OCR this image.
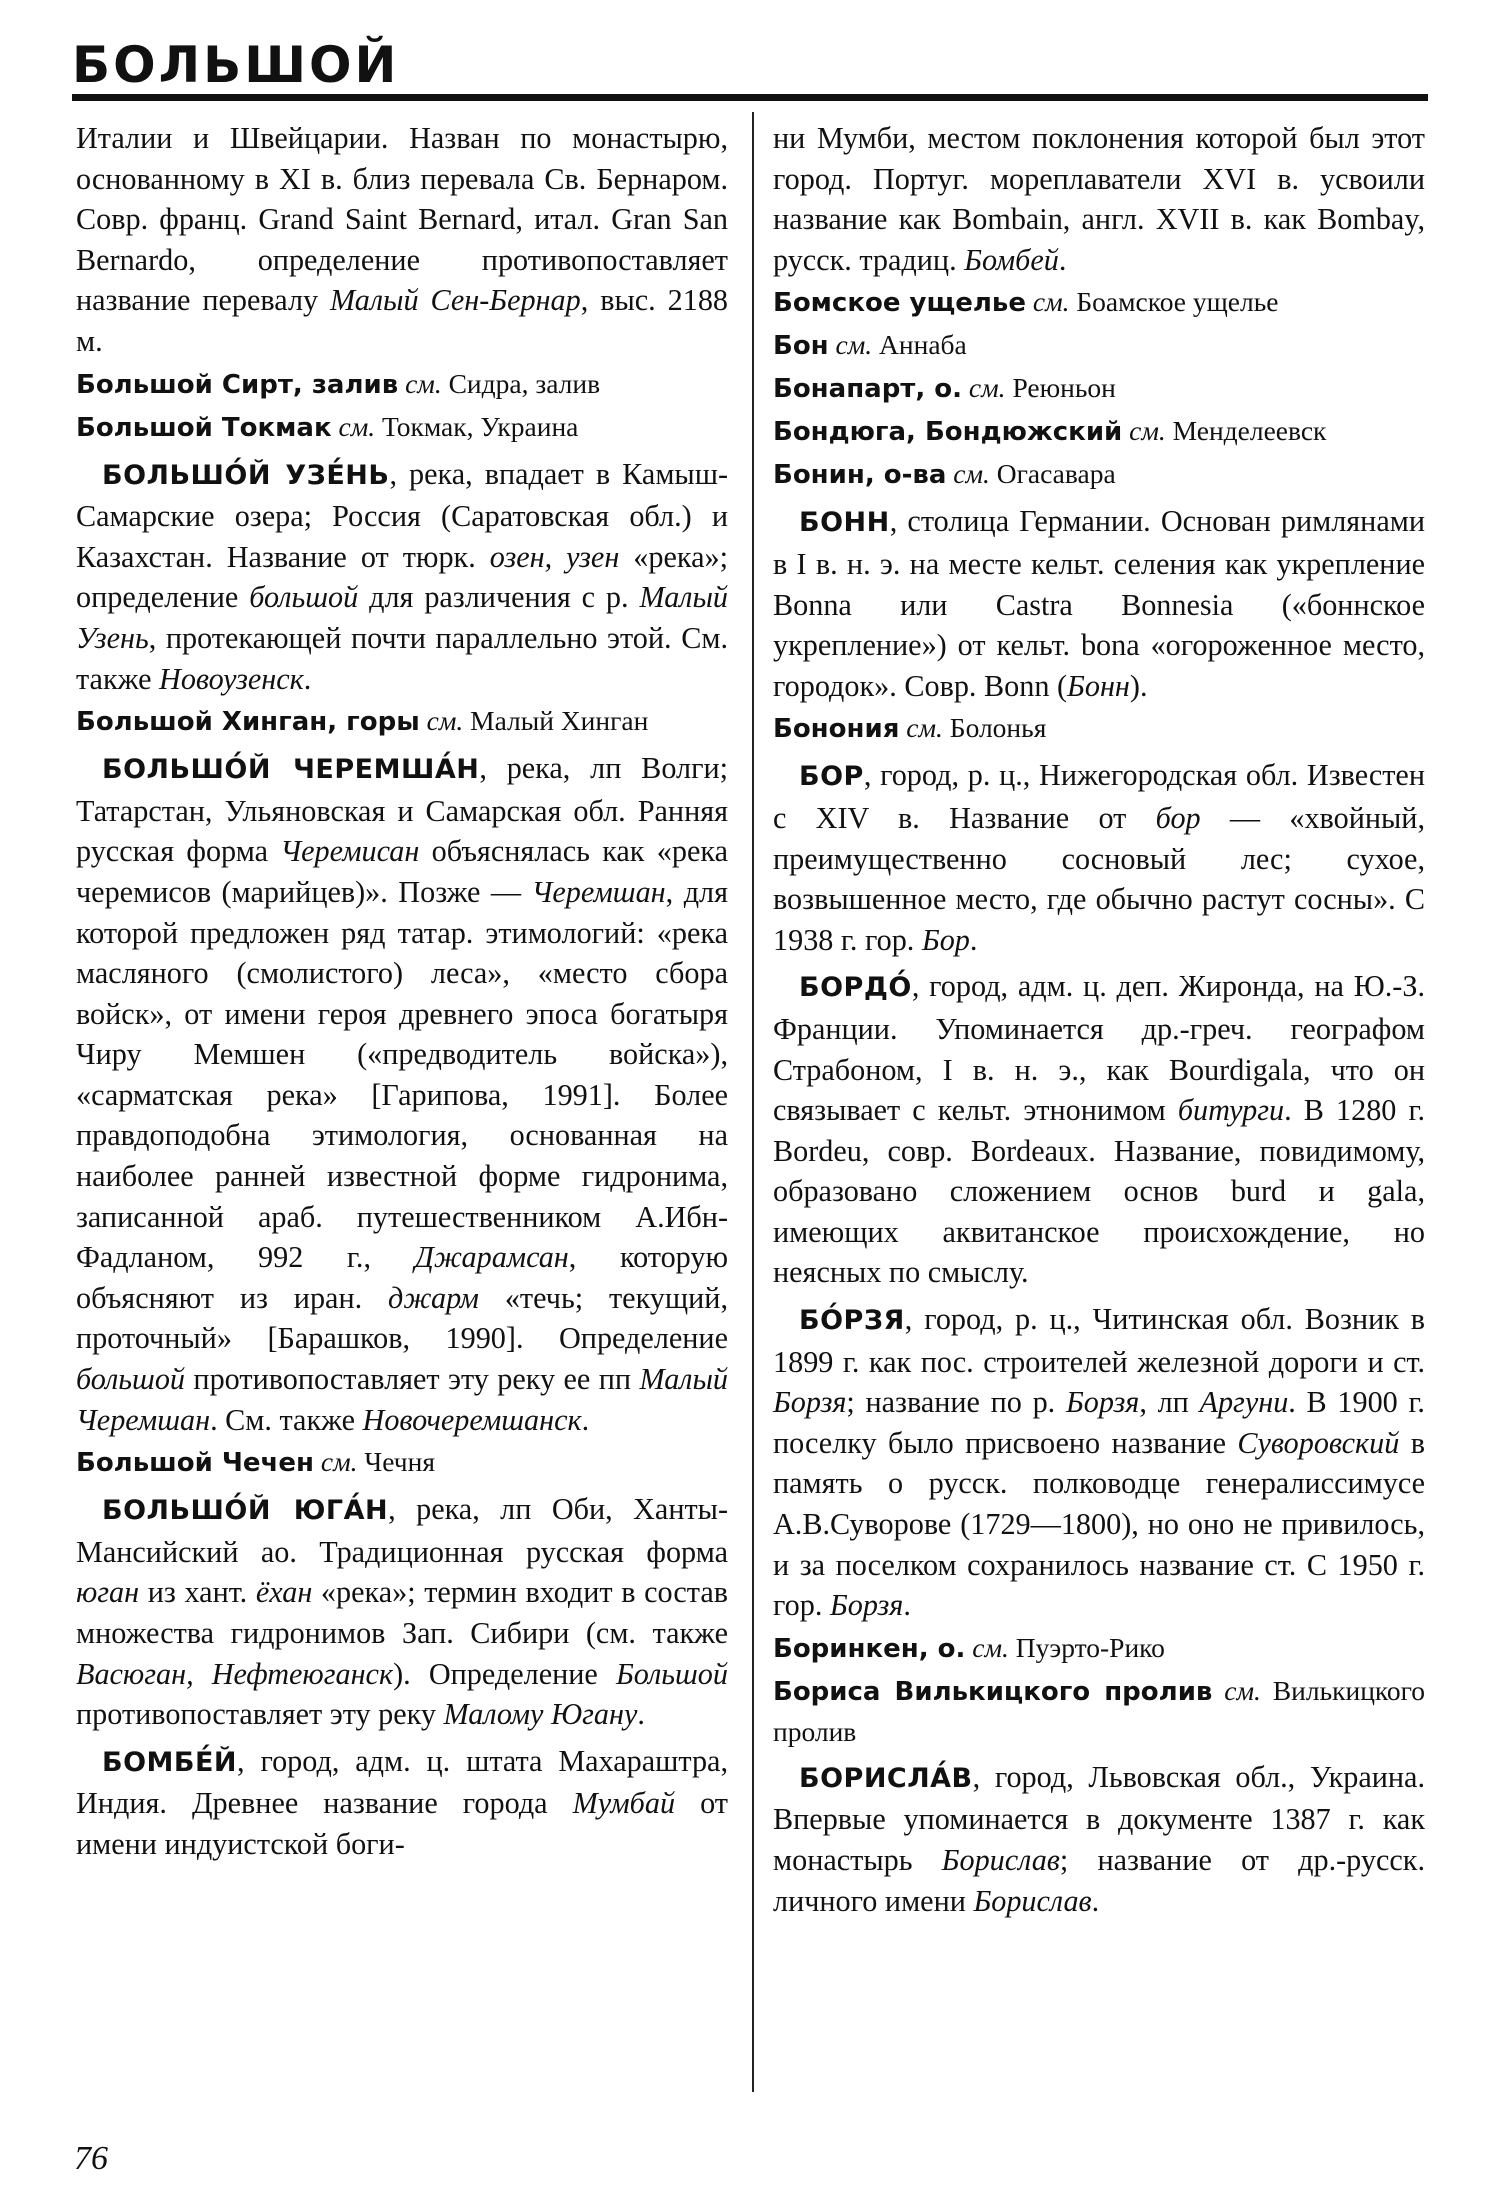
БОЛЬШОЙ

Италии и Швейцарии. Назван по монастырю, основанному в XI в. близ перевала Св. Бернаром. Совр. франц. Grand Saint Bernard, итал. Gran San Bernardo, определение противопоставляет название перевалу Малый Сен-Бернар, выс. 2188 м.

Большой Сирт, залив см. Сидра, залив

Большой Токмак см. Токмак, Украина

БОЛЬШО́Й УЗЕ́НЬ, река, впадает в Камыш-Самарские озера; Россия (Саратовская обл.) и Казахстан. Название от тюрк. озен, узен «река»; определение большой для различения с р. Малый Узень, протекающей почти параллельно этой. См. также Новоузенск.

Большой Хинган, горы см. Малый Хинган

БОЛЬШО́Й ЧЕРЕМША́Н, река, лп Волги; Татарстан, Ульяновская и Самарская обл. Ранняя русская форма Черемисан объяснялась как «река черемисов (марийцев)». Позже — Черемшан, для которой предложен ряд татар. этимологий: «река масляного (смолистого) леса», «место сбора войск», от имени героя древнего эпоса богатыря Чиру Мемшен («предводитель войска»), «сарматская река» [Гарипова, 1991]. Более правдоподобна этимология, основанная на наиболее ранней известной форме гидронима, записанной араб. путешественником А.Ибн-Фадланом, 992 г., Джарамсан, которую объясняют из иран. джарм «течь; текущий, проточный» [Барашков, 1990]. Определение большой противопоставляет эту реку ее пп Малый Черемшан. См. также Новочеремшанск.

Большой Чечен см. Чечня

БОЛЬШО́Й ЮГА́Н, река, лп Оби, Ханты-Мансийский ао. Традиционная русская форма юган из хант. ёхан «река»; термин входит в состав множества гидронимов Зап. Сибири (см. также Васюган, Нефтеюганск). Определение Большой противопоставляет эту реку Малому Югану.

БОМБЕ́Й, город, адм. ц. штата Махараштра, Индия. Древнее название города Мумбай от имени индуистской боги-

ни Мумби, местом поклонения которой был этот город. Португ. мореплаватели XVI в. усвоили название как Bombain, англ. XVII в. как Bombay, русск. традиц. Бомбей.

Бомское ущелье см. Боамское ущелье

Бон см. Аннаба

Бонапарт, о. см. Реюньон

Бондюга, Бондюжский см. Менделеевск

Бонин, о-ва см. Огасавара

БОНН, столица Германии. Основан римлянами в I в. н. э. на месте кельт. селения как укрепление Bonna или Castra Bonnesia («боннское укрепление») от кельт. bona «огороженное место, городок». Совр. Bonn (Бонн).

Бонония см. Болонья

БОР, город, р. ц., Нижегородская обл. Известен с XIV в. Название от бор — «хвойный, преимущественно сосновый лес; сухое, возвышенное место, где обычно растут сосны». С 1938 г. гор. Бор.

БОРДО́, город, адм. ц. деп. Жиронда, на Ю.-З. Франции. Упоминается др.-греч. географом Страбоном, I в. н. э., как Bourdigala, что он связывает с кельт. этнонимом битурги. В 1280 г. Bordeu, совр. Bordeaux. Название, повидимому, образовано сложением основ burd и gala, имеющих аквитанское происхождение, но неясных по смыслу.

БО́РЗЯ, город, р. ц., Читинская обл. Возник в 1899 г. как пос. строителей железной дороги и ст. Борзя; название по р. Борзя, лп Аргуни. В 1900 г. поселку было присвоено название Суворовский в память о русск. полководце генералиссимусе А.В.Суворове (1729—1800), но оно не привилось, и за поселком сохранилось название ст. С 1950 г. гор. Борзя.

Боринкен, о. см. Пуэрто-Рико

Бориса Вилькицкого пролив см. Вилькицкого пролив

БОРИСЛА́В, город, Львовская обл., Украина. Впервые упоминается в документе 1387 г. как монастырь Борислав; название от др.-русск. личного имени Борислав.

76
